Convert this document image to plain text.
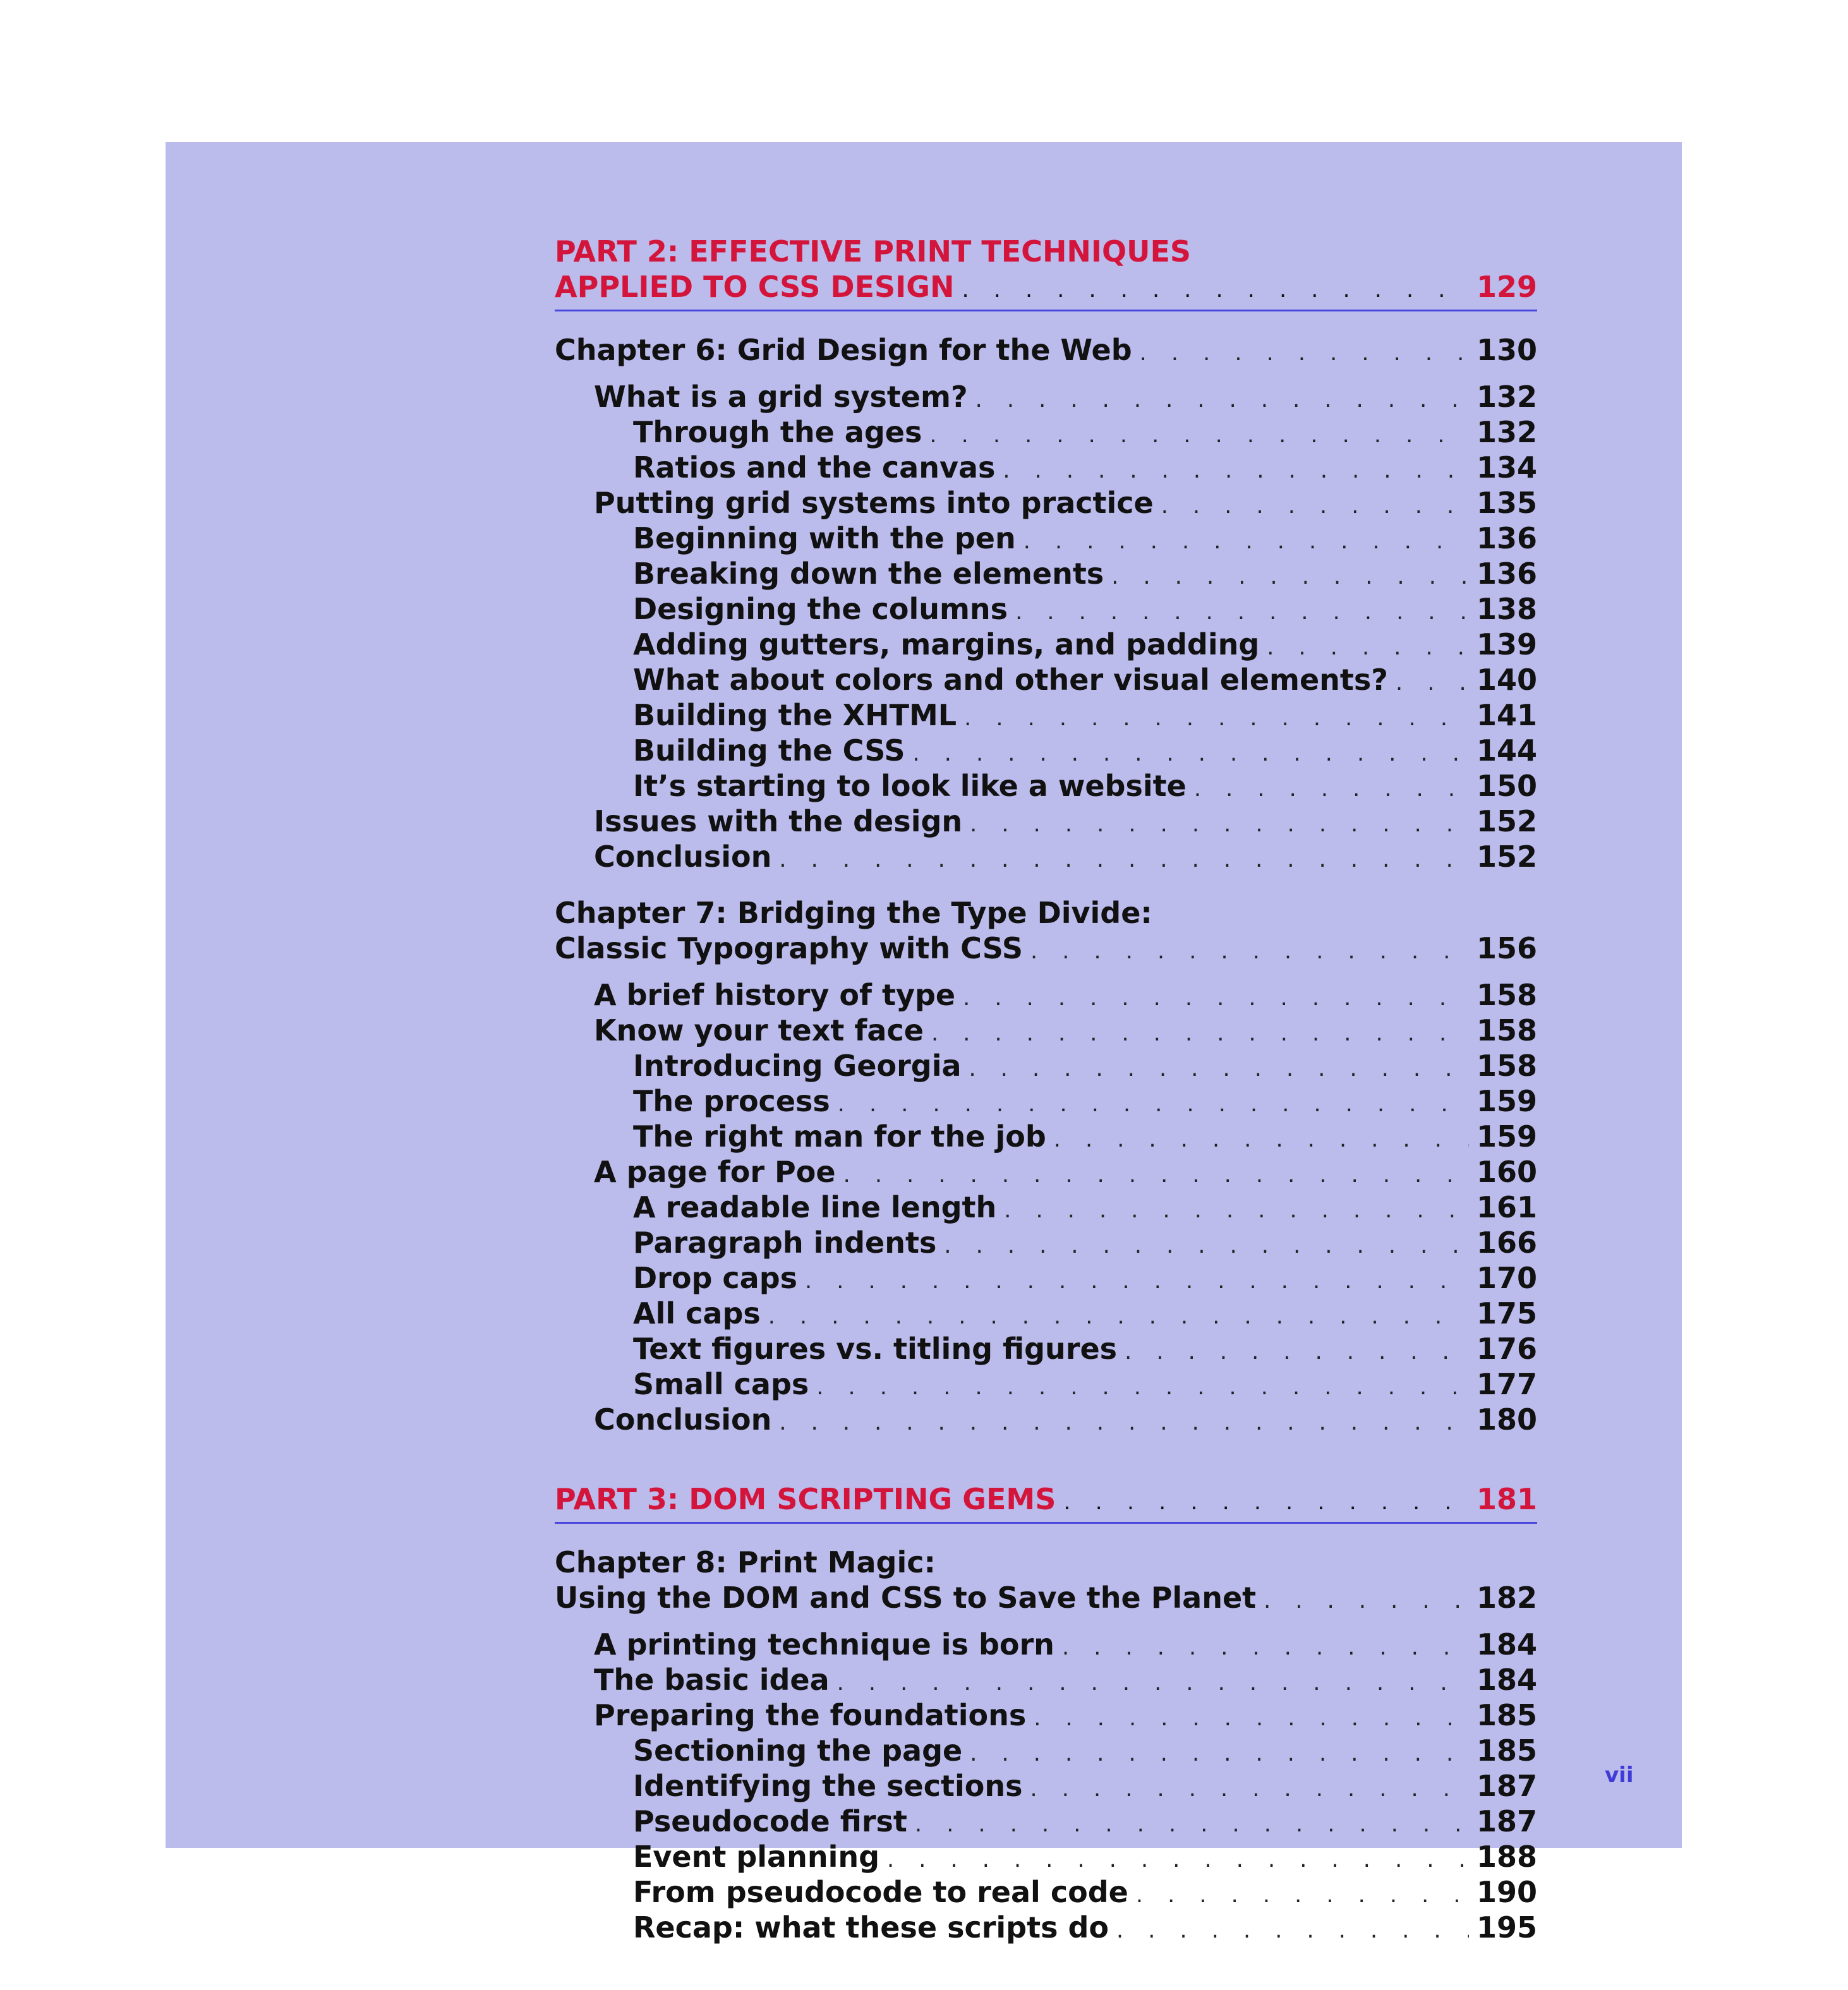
PART 2: EFFECTIVE PRINT TECHNIQUES
APPLIED TO CSS DESIGN . . .	129
Chapter 6: Grid Design for the Web . . .	130
What is a grid system? . . .	132
Through the ages . . .	132
Ratios and the canvas . . .	134
Putting grid systems into practice . . .	135
Beginning with the pen . . .	136
Breaking down the elements . . .	136
Designing the columns . . .	138
Adding gutters, margins, and padding . . .	139
What about colors and other visual elements? . . .	140
Building the XHTML . . .	141
Building the CSS . . .	144
It’s starting to look like a website . . .	150
Issues with the design . . .	152
Conclusion . . .	152
Chapter 7: Bridging the Type Divide:
Classic Typography with CSS . . .	156
A brief history of type . . .	158
Know your text face . . .	158
Introducing Georgia . . .	158
The process . . .	159
The right man for the job . . .	159
A page for Poe . . .	160
A readable line length . . .	161
Paragraph indents . . .	166
Drop caps . . .	170
All caps . . .	175
Text figures vs. titling figures . . .	176
Small caps . . .	177
Conclusion . . .	180
PART 3: DOM SCRIPTING GEMS . . .	181
Chapter 8: Print Magic:
Using the DOM and CSS to Save the Planet . . .	182
A printing technique is born . . .	184
The basic idea . . .	184
Preparing the foundations . . .	185
Sectioning the page . . .	185
Identifying the sections . . .	187
Pseudocode first . . .	187
Event planning . . .	188
From pseudocode to real code . . .	190
Recap: what these scripts do . . .	195
vii
